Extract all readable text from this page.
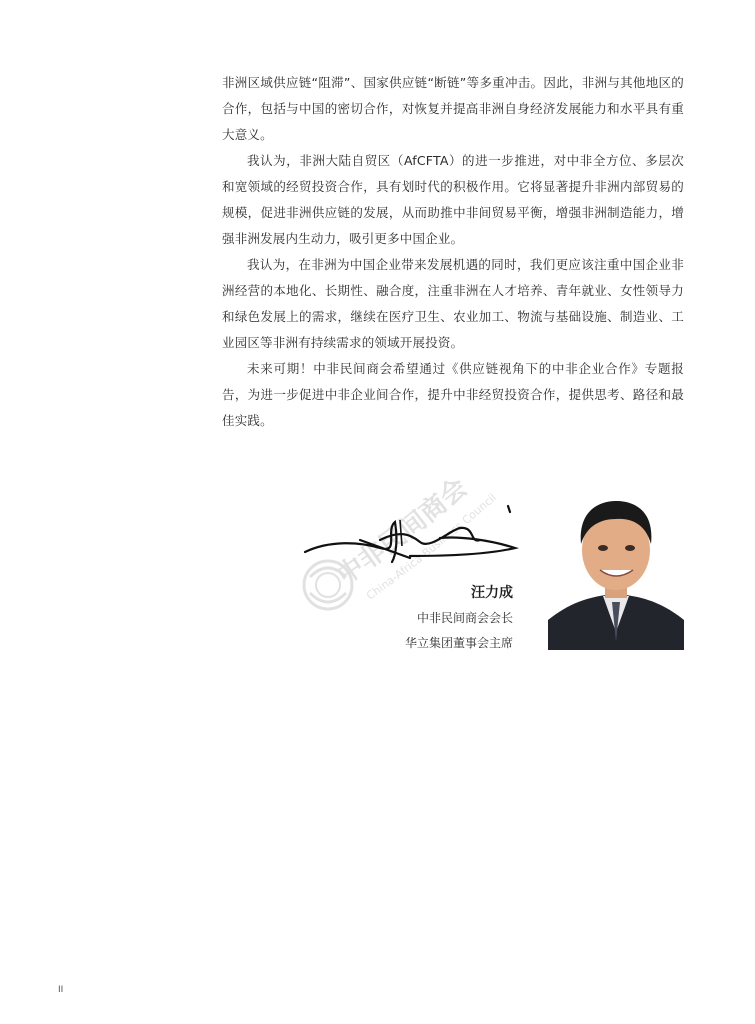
非洲区域供应链“阻滞”、国家供应链“断链”等多重冲击。因此，非洲与其他地区的合作，包括与中国的密切合作，对恢复并提高非洲自身经济发展能力和水平具有重大意义。

我认为，非洲大陆自贸区（AfCFTA）的进一步推进，对中非全方位、多层次和宽领域的经贸投资合作，具有划时代的积极作用。它将显著提升非洲内部贸易的规模，促进非洲供应链的发展，从而助推中非间贸易平衡，增强非洲制造能力，增强非洲发展内生动力，吸引更多中国企业。

我认为，在非洲为中国企业带来发展机遇的同时，我们更应该注重中国企业非洲经营的本地化、长期性、融合度，注重非洲在人才培养、青年就业、女性领导力和绿色发展上的需求，继续在医疗卫生、农业加工、物流与基础设施、制造业、工业园区等非洲有持续需求的领域开展投资。

未来可期！中非民间商会希望通过《供应链视角下的中非企业合作》专题报告，为进一步促进中非企业间合作，提升中非经贸投资合作，提供思考、路径和最佳实践。

中非民间商会
China-Africa Business Council
汪力成
中非民间商会会长
华立集团董事会主席
II
